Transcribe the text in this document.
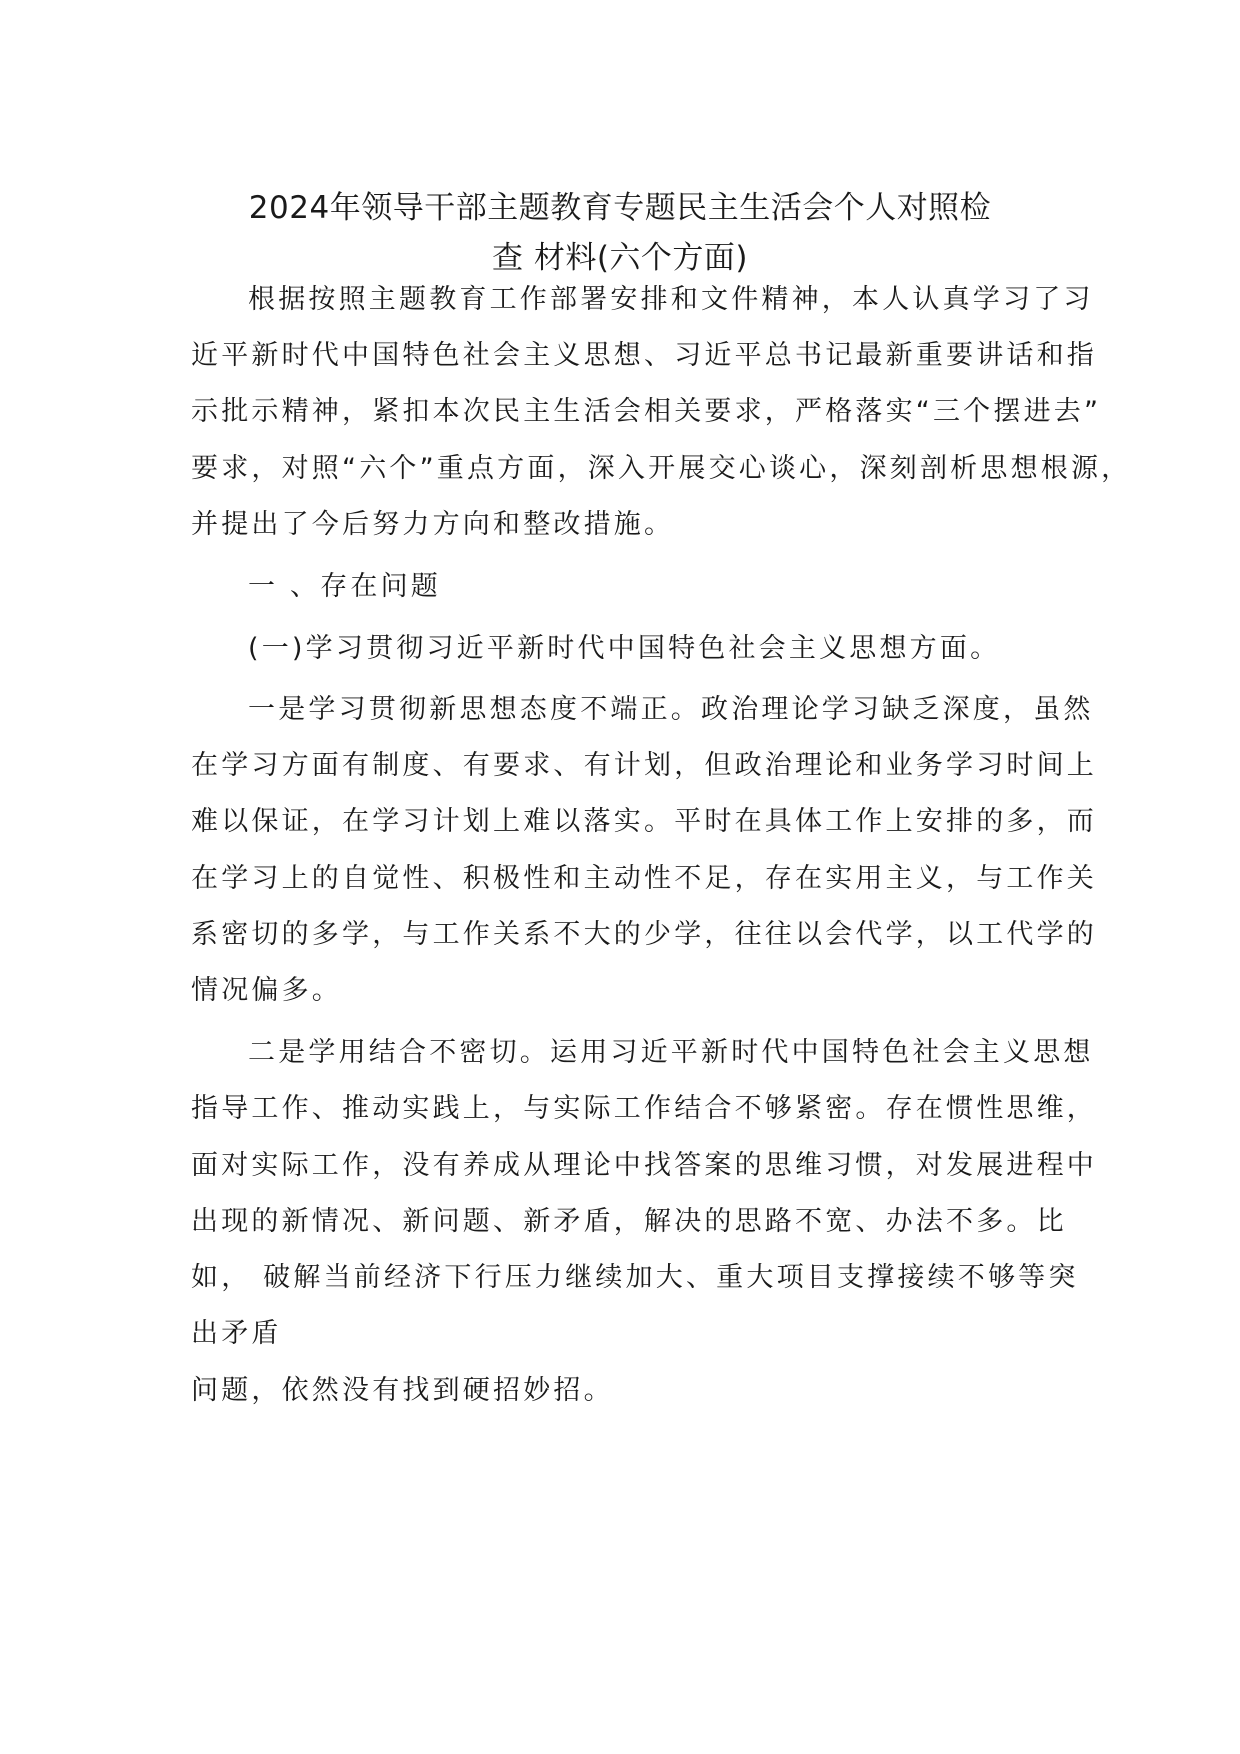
2024年领导干部主题教育专题民主生活会个人对照检
查 材料(六个方面)

根据按照主题教育工作部署安排和文件精神，本人认真学习了习

近平新时代中国特色社会主义思想、习近平总书记最新重要讲话和指

示批示精神，紧扣本次民主生活会相关要求，严格落实“三个摆进去”

要求，对照“六个”重点方面，深入开展交心谈心，深刻剖析思想根源，

并提出了今后努力方向和整改措施。

一 、存在问题

(一)学习贯彻习近平新时代中国特色社会主义思想方面。

一是学习贯彻新思想态度不端正。政治理论学习缺乏深度，虽然

在学习方面有制度、有要求、有计划，但政治理论和业务学习时间上

难以保证，在学习计划上难以落实。平时在具体工作上安排的多，而

在学习上的自觉性、积极性和主动性不足，存在实用主义，与工作关

系密切的多学，与工作关系不大的少学，往往以会代学，以工代学的

情况偏多。

二是学用结合不密切。运用习近平新时代中国特色社会主义思想

指导工作、推动实践上，与实际工作结合不够紧密。存在惯性思维，

面对实际工作，没有养成从理论中找答案的思维习惯，对发展进程中

出现的新情况、新问题、新矛盾，解决的思路不宽、办法不多。比

如， 破解当前经济下行压力继续加大、重大项目支撑接续不够等突

出矛盾

问题，依然没有找到硬招妙招。
